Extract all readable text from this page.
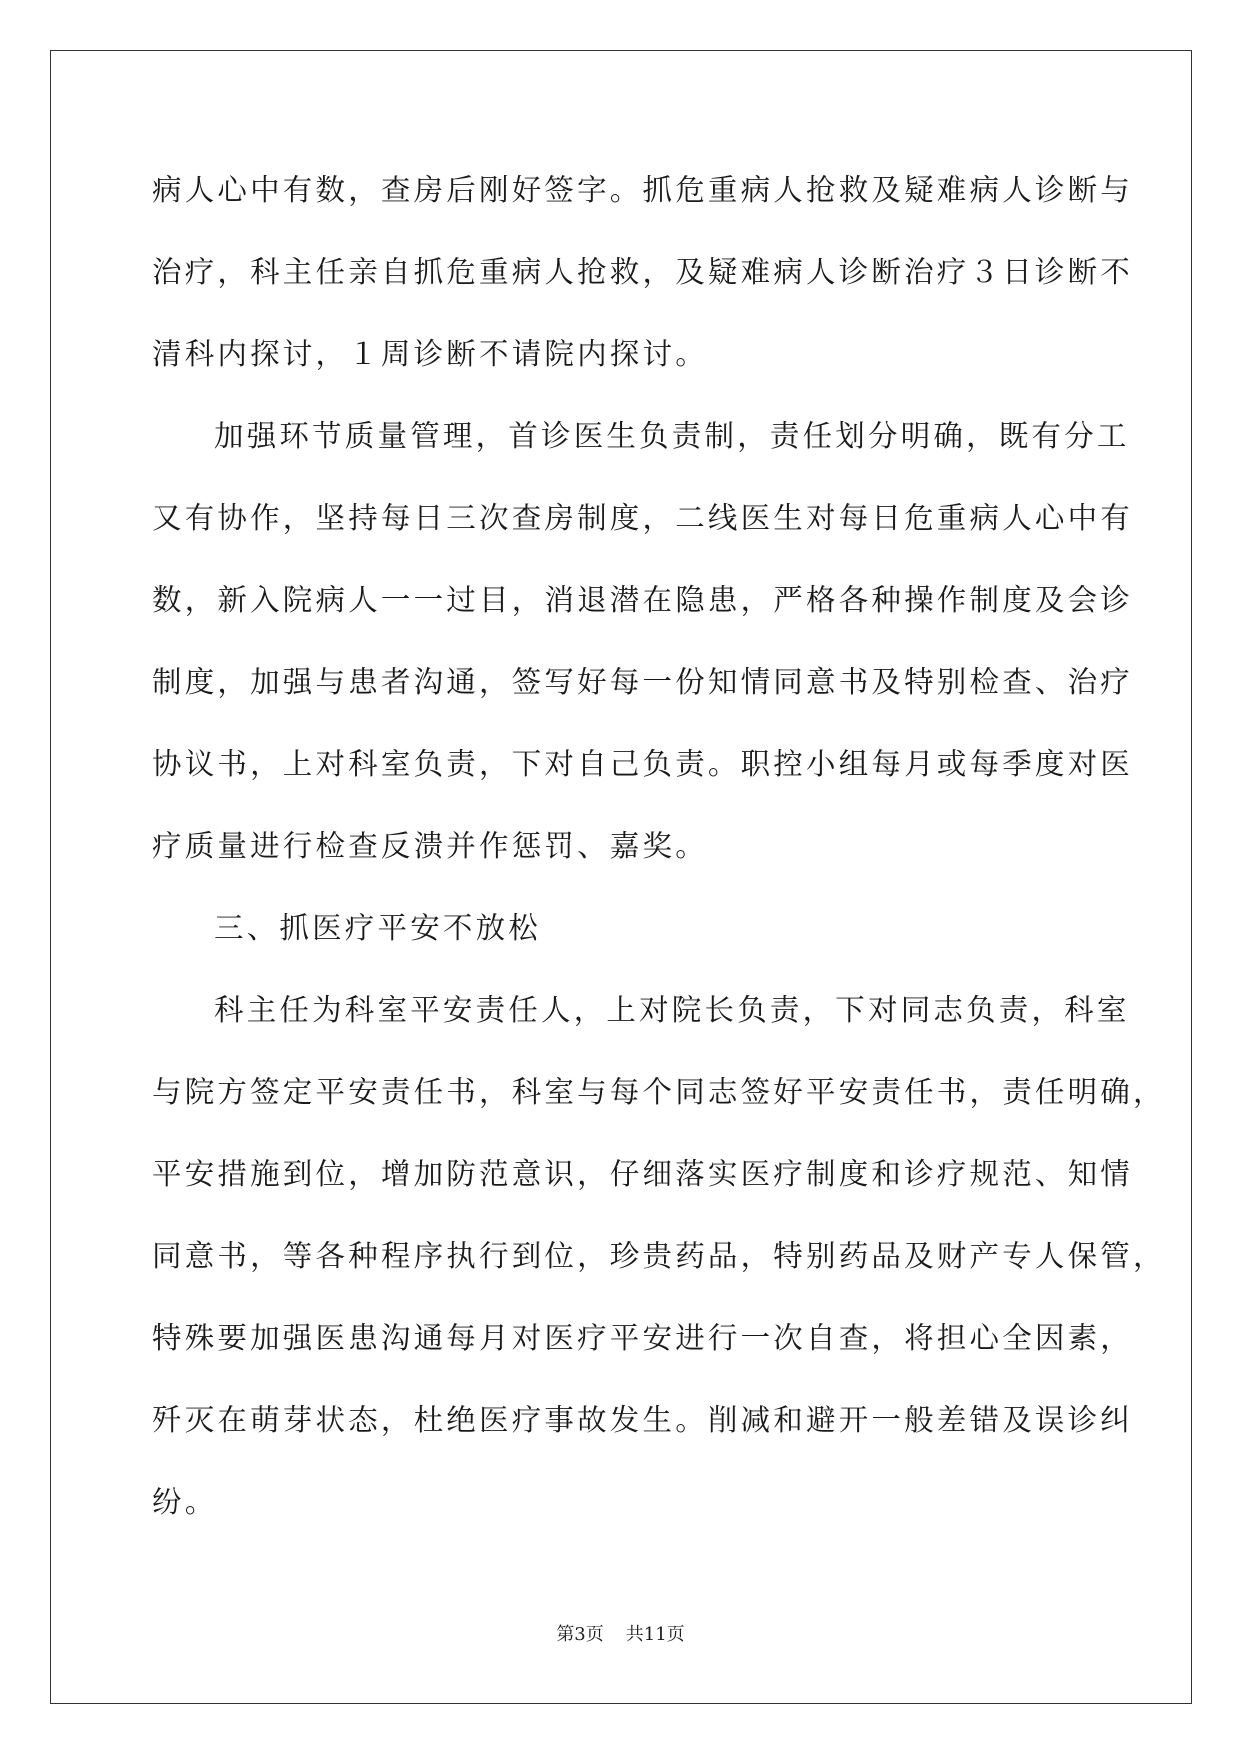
病人心中有数，查房后刚好签字。抓危重病人抢救及疑难病人诊断与
治疗，科主任亲自抓危重病人抢救，及疑难病人诊断治疗３日诊断不
清科内探讨，１周诊断不请院内探讨。
加强环节质量管理，首诊医生负责制，责任划分明确，既有分工
又有协作，坚持每日三次查房制度，二线医生对每日危重病人心中有
数，新入院病人一一过目，消退潜在隐患，严格各种操作制度及会诊
制度，加强与患者沟通，签写好每一份知情同意书及特别检查、治疗
协议书，上对科室负责，下对自己负责。职控小组每月或每季度对医
疗质量进行检查反溃并作惩罚、嘉奖。
三、抓医疗平安不放松
科主任为科室平安责任人，上对院长负责，下对同志负责，科室
与院方签定平安责任书，科室与每个同志签好平安责任书，责任明确，
平安措施到位，增加防范意识，仔细落实医疗制度和诊疗规范、知情
同意书，等各种程序执行到位，珍贵药品，特别药品及财产专人保管，
特殊要加强医患沟通每月对医疗平安进行一次自查，将担心全因素，
歼灭在萌芽状态，杜绝医疗事故发生。削减和避开一般差错及误诊纠
纷。
第3页 共11页
